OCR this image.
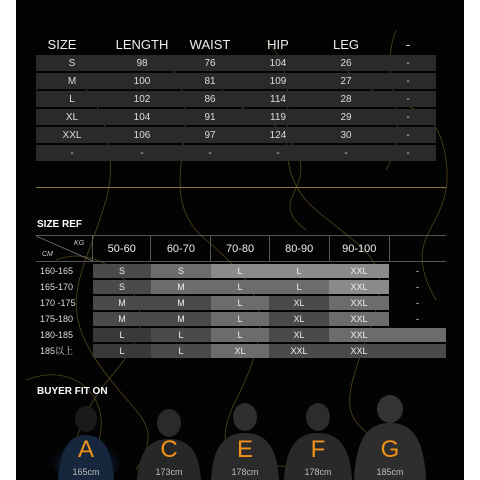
SIZE	LENGTH	WAIST	HIP	LEG	-
S	98	76	104	26	-
M	100	81	109	27	-
L	102	86	114	28	-
XL	104	91	119	29	-
XXL	106	97	124	30	-
-	-	-	-	-	-
SIZE REF
KG
CM	50-60	60-70	70-80	80-90	90-100
160-165	S	S	L	L	XXL	-
165-170	S	M	L	L	XXL	-
170 -175	M	M	L	XL	XXL	-
175-180	M	M	L	XL	XXL	-
180-185	L	L	L	XL	XXL
185以上	L	L	XL	XXL	XXL
BUYER FIT ON
A
165cm
C
173cm
E
178cm
F
178cm
G
185cm
